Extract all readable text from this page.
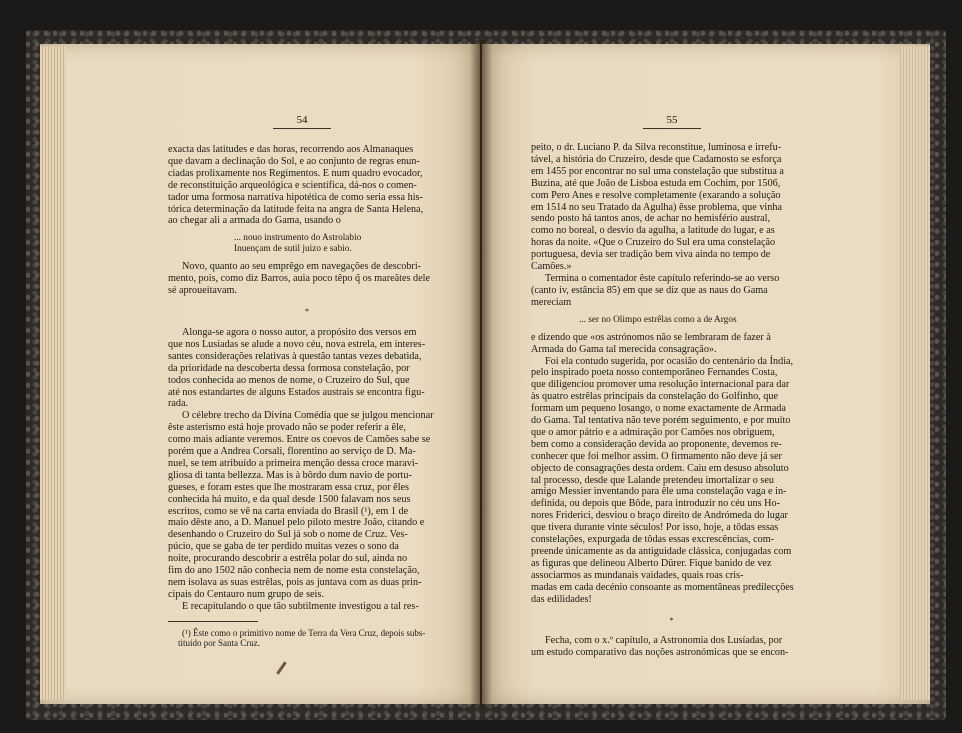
54
exacta das latitudes e das horas, recorrendo aos Almanaques
que davam a declinação do Sol, e ao conjunto de regras enun-
ciadas prolixamente nos Regimentos. E num quadro evocador,
de reconstituição arqueológica e scientífica, dá-nos o comen-
tador uma formosa narrativa hipotética de como seria essa his-
tórica determinação da latitude feita na angra de Santa Helena,
ao chegar ali a armada do Gama, usando o
... nouo instrumento do Astrolabio
Inuençam de sutil juizo e sabio.
Novo, quanto ao seu emprêgo em navegações de descobri-
mento, pois, como diz Barros, auia poco têpo q̃ os mareãtes dele
sé aproueitavam.
*
Alonga-se agora o nosso autor, a propósito dos versos em
que nos Lusíadas se alude a novo céu, nova estrela, em interes-
santes considerações relativas à questão tantas vezes debatida,
da prioridade na descoberta dessa formosa constelação, por
todos conhecida ao menos de nome, o Cruzeiro do Sul, que
até nos estandartes de alguns Estados austrais se encontra figu-
rada.
O célebre trecho da Divina Comédia que se julgou mencionar
êste asterismo está hoje provado não se poder referir a êle,
como mais adiante veremos. Entre os coevos de Camões sabe se
porém que a Andrea Corsali, florentino ao serviço de D. Ma-
nuel, se tem atribuído a primeira menção dessa croce maravi-
gliosa di tanta bellezza. Mas is à bôrdo dum navio de portu-
gueses, e foram estes que lhe mostraram essa cruz, por êles
conhecida há muito, e da qual desde 1500 falavam nos seus
escritos, como se vê na carta enviada do Brasil (¹), em 1 de
maio dêste ano, a D. Manuel pelo piloto mestre João, citando e
desenhando o Cruzeiro do Sul já sob o nome de Cruz. Ves-
púcio, que se gaba de ter perdido muitas vezes o sono da
noite, procurando descobrir a estrêla polar do sul, ainda no
fim do ano 1502 não conhecia nem de nome esta constelação,
nem isolava as suas estrêlas, pois as juntava com as duas prin-
cipais do Centauro num grupo de seis.
E recapitulando o que tão subtilmente investigou a tal res-
(¹) Êste como o primitivo nome de Terra da Vera Cruz, depois subs-
tituído por Santa Cruz.
55
peito, o dr. Luciano P. da Silva reconstitue, luminosa e irrefu-
tável, a história do Cruzeiro, desde que Cadamosto se esforça
em 1455 por encontrar no sul uma constelação que substitua a
Buzina, até que João de Lisboa estuda em Cochim, por 1506,
com Pero Anes e resolve completamente (exarando a solução
em 1514 no seu Tratado da Agulha) êsse problema, que vinha
sendo posto há tantos anos, de achar no hemisfério austral,
como no boreal, o desvio da agulha, a latitude do lugar, e as
horas da noite. «Que o Cruzeiro do Sul era uma constelação
portuguesa, devia ser tradição bem viva ainda no tempo de
Camões.»
Termina o comentador êste capítulo referindo-se ao verso
(canto iv, estância 85) em que se diz que as naus do Gama
mereciam
... ser no Olimpo estrêlas como a de Argos
e dizendo que «os astrónomos não se lembraram de fazer à
Armada do Gama tal merecida consagração».
Foi ela contudo sugerida, por ocasião do centenário da Índia,
pelo inspirado poeta nosso contemporâneo Fernandes Costa,
que diligenciou promover uma resolução internacional para dar
às quatro estrêlas principais da constelação do Golfinho, que
formam um pequeno losango, o nome exactamente de Armada
do Gama. Tal tentativa não teve porém seguimento, e por muito
que o amor pátrio e a admiração por Camões nos obriguem,
bem como a consideração devida ao proponente, devemos re-
conhecer que foi melhor assim. O firmamento não deve já ser
objecto de consagrações desta ordem. Caiu em desuso absoluto
tal processo, desde que Lalande pretendeu imortalizar o seu
amigo Messier inventando para êle uma constelação vaga e in-
definida, ou depois que Bôde, para introduzir no céu uns Ho-
nores Friderici, desviou o braço direito de Andrómeda do lugar
que tivera durante vinte séculos! Por isso, hoje, a tôdas essas
constelações, expurgada de tôdas essas excrescências, com-
preende únicamente as da antiguidade clássica, conjugadas com
as figuras que delineou Alberto Dürer. Fique banido de vez
associarmos as mundanais vaidades, quais roas cris-
madas em cada decénio consoante as momentâneas predilecções
das edilidades!
*
Fecha, com o x.º capítulo, a Astronomia dos Lusíadas, por
um estudo comparativo das noções astronómicas que se encon-
